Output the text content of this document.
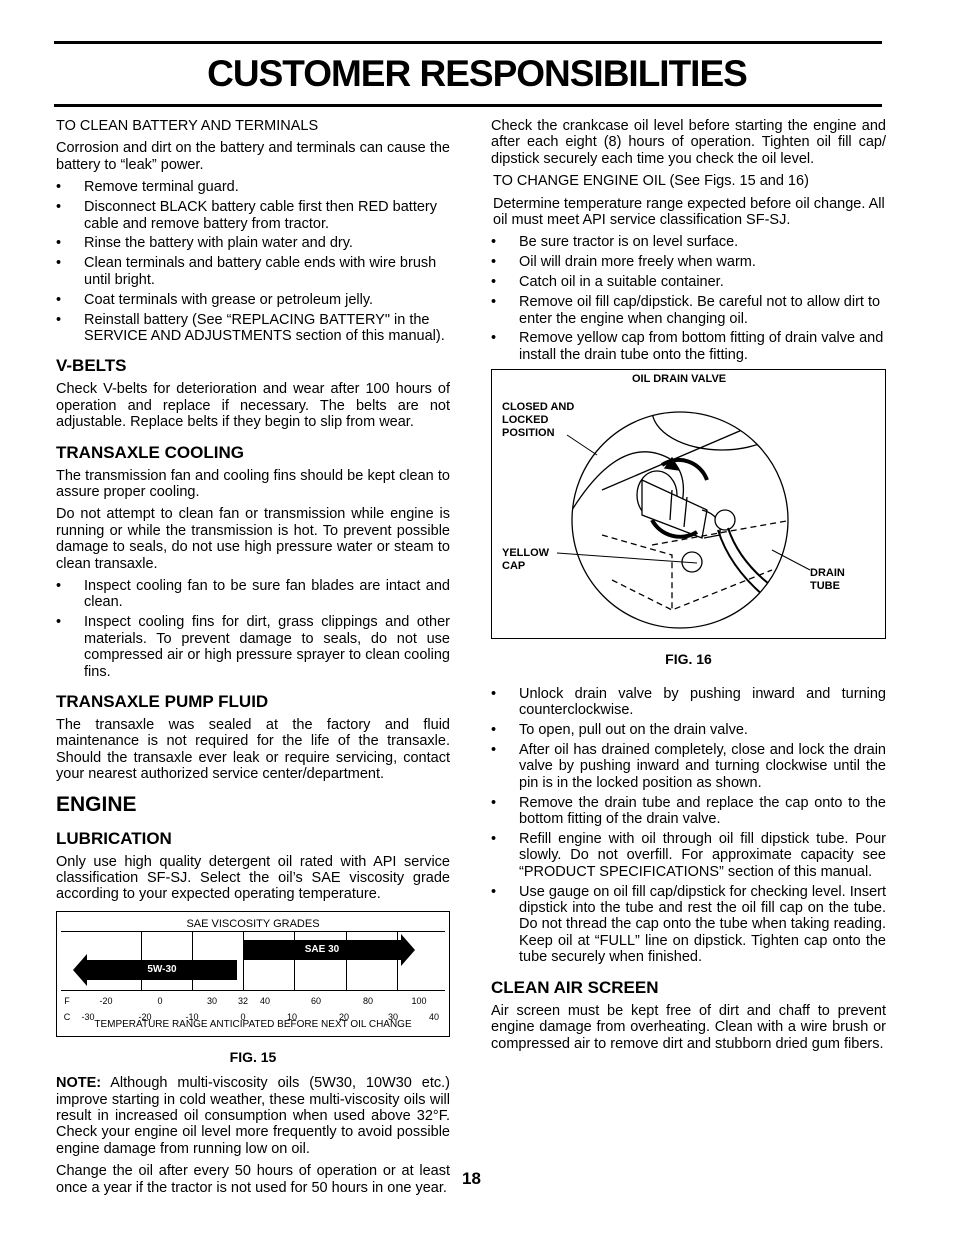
CUSTOMER RESPONSIBILITIES

TO CLEAN BATTERY AND TERMINALS

Corrosion and dirt on the battery and terminals can cause the battery to “leak” power.

• Remove terminal guard.
• Disconnect BLACK battery cable first then RED battery cable and remove battery from tractor.
• Rinse the battery with plain water and dry.
• Clean terminals and battery cable ends with wire brush until bright.
• Coat terminals with grease or petroleum jelly.
• Reinstall battery (See “REPLACING BATTERY" in the SERVICE AND ADJUSTMENTS section of this manual).
V-BELTS

Check V-belts for deterioration and wear after 100 hours of operation and replace if necessary. The belts are not adjustable. Replace belts if they begin to slip from wear.

TRANSAXLE COOLING

The transmission fan and cooling fins should be kept clean to assure proper cooling.

Do not attempt to clean fan or transmission while engine is running or while the transmission is hot. To prevent possible damage to seals, do not use high pressure water or steam to clean transaxle.

• Inspect cooling fan to be sure fan blades are intact and clean.
• Inspect cooling fins for dirt, grass clippings and other materials. To prevent damage to seals, do not use compressed air or high pressure sprayer to clean cooling fins.
TRANSAXLE PUMP FLUID

The transaxle was sealed at the factory and fluid maintenance is not required for the life of the transaxle. Should the transaxle ever leak or require servicing, contact your nearest authorized service center/department.

ENGINE
LUBRICATION

Only use high quality detergent oil rated with API service classification SF-SJ. Select the oil’s SAE viscosity grade according to your expected operating temperature.

SAE VISCOSITY GRADES
SAE 30
5W-30
F	-20	0	30 32 40	60	80	100
C -30	-20	-10	0	10	20	30	40
TEMPERATURE RANGE ANTICIPATED BEFORE NEXT OIL CHANGE
FIG. 15

NOTE: Although multi-viscosity oils (5W30, 10W30 etc.) improve starting in cold weather, these multi-viscosity oils will result in increased oil consumption when used above 32°F. Check your engine oil level more frequently to avoid possible engine damage from running low on oil.

Change the oil after every 50 hours of operation or at least once a year if the tractor is not used for 50 hours in one year.

Check the crankcase oil level before starting the engine and after each eight (8) hours of operation. Tighten oil fill cap/ dipstick securely each time you check the oil level.

TO CHANGE ENGINE OIL (See Figs. 15 and 16)

Determine temperature range expected before oil change. All oil must meet API service classification SF-SJ.

• Be sure tractor is on level surface.
• Oil will drain more freely when warm.
• Catch oil in a suitable container.
• Remove oil fill cap/dipstick. Be careful not to allow dirt to enter the engine when changing oil.
• Remove yellow cap from bottom fitting of drain valve and install the drain tube onto the fitting.
OIL DRAIN VALVE
CLOSED AND
LOCKED
POSITION
YELLOW
CAP
DRAIN
TUBE
FIG. 16
• Unlock drain valve by pushing inward and turning counterclockwise.
• To open, pull out on the drain valve.
• After oil has drained completely, close and lock the drain valve by pushing inward and turning clockwise until the pin is in the locked position as shown.
• Remove the drain tube and replace the cap onto to the bottom fitting of the drain valve.
• Refill engine with oil through oil fill dipstick tube. Pour slowly. Do not overfill. For approximate capacity see “PRODUCT SPECIFICATIONS” section of this manual.
• Use gauge on oil fill cap/dipstick for checking level. Insert dipstick into the tube and rest the oil fill cap on the tube. Do not thread the cap onto the tube when taking reading. Keep oil at “FULL” line on dipstick. Tighten cap onto the tube securely when finished.
CLEAN AIR SCREEN

Air screen must be kept free of dirt and chaff to prevent engine damage from overheating. Clean with a wire brush or compressed air to remove dirt and stubborn dried gum fibers.

18
